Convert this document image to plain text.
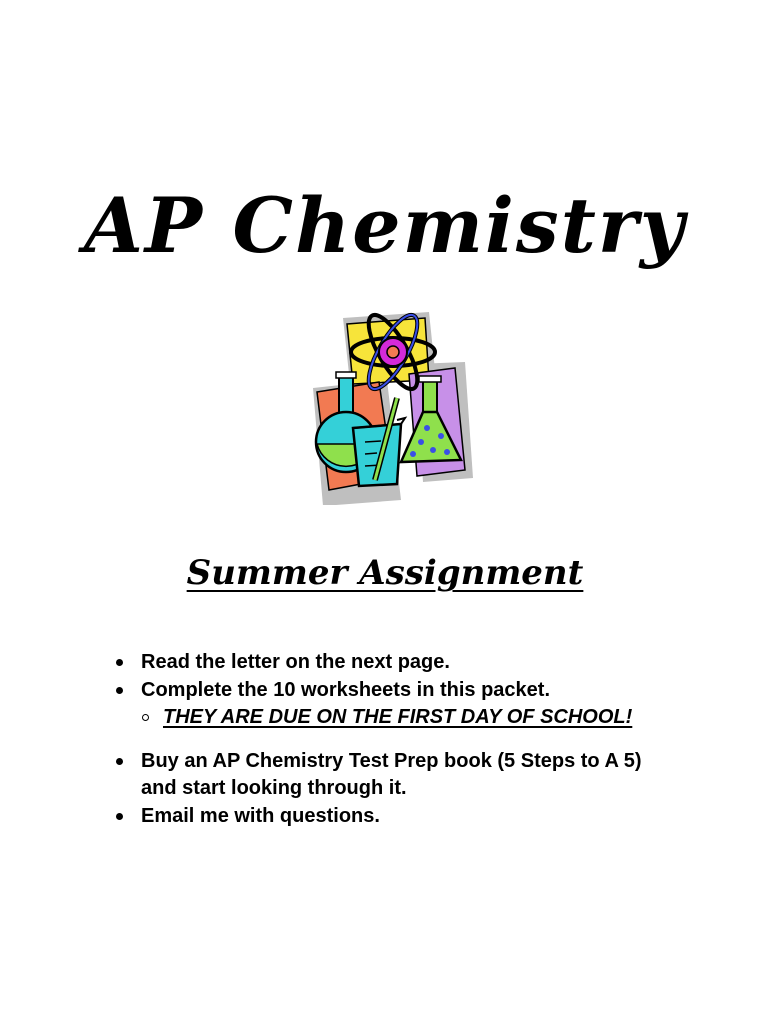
AP Chemistry
Summer Assignment
Read the letter on the next page.
Complete the 10 worksheets in this packet.
THEY ARE DUE ON THE FIRST DAY OF SCHOOL!
Buy an AP Chemistry Test Prep book (5 Steps to A 5)
and start looking through it.
Email me with questions.
